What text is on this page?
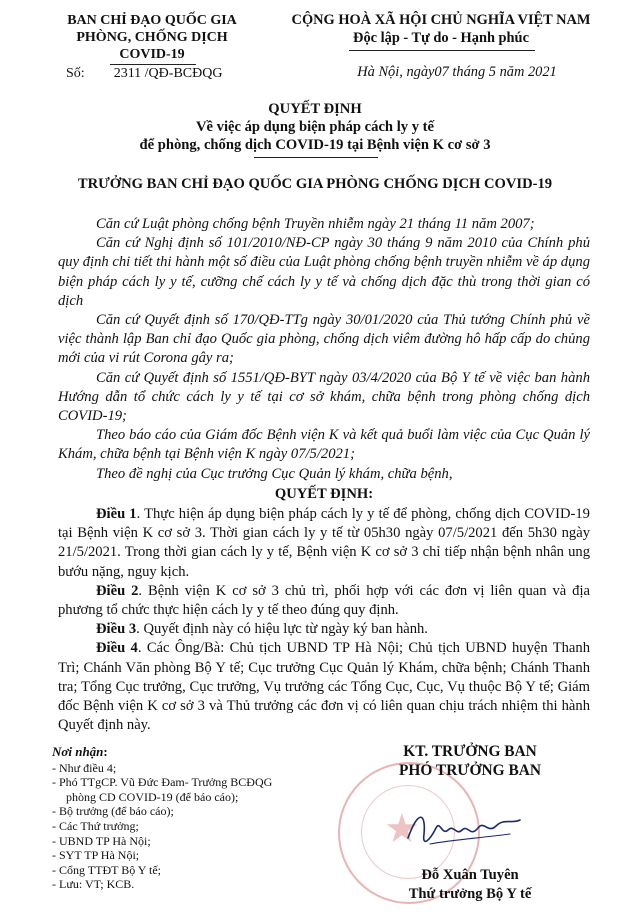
BAN CHỈ ĐẠO QUỐC GIA
PHÒNG, CHỐNG DỊCH
COVID-19
Số: 2311 /QĐ-BCĐQG
CỘNG HOÀ XÃ HỘI CHỦ NGHĨA VIỆT NAM
Độc lập - Tự do - Hạnh phúc
Hà Nội, ngày07 tháng 5 năm 2021
QUYẾT ĐỊNH
Về việc áp dụng biện pháp cách ly y tế
để phòng, chống dịch COVID-19 tại Bệnh viện K cơ sở 3
TRƯỞNG BAN CHỈ ĐẠO QUỐC GIA PHÒNG CHỐNG DỊCH COVID-19

Căn cứ Luật phòng chống bệnh Truyền nhiễm ngày 21 tháng 11 năm 2007;

Căn cứ Nghị định số 101/2010/NĐ-CP ngày 30 tháng 9 năm 2010 của Chính phủ quy định chi tiết thi hành một số điều của Luật phòng chống bệnh truyền nhiễm về áp dụng biện pháp cách ly y tế, cưỡng chế cách ly y tế và chống dịch đặc thù trong thời gian có dịch

Căn cứ Quyết định số 170/QĐ-TTg ngày 30/01/2020 của Thủ tướng Chính phủ về việc thành lập Ban chỉ đạo Quốc gia phòng, chống dịch viêm đường hô hấp cấp do chủng mới của vi rút Corona gây ra;

Căn cứ Quyết định số 1551/QĐ-BYT ngày 03/4/2020 của Bộ Y tế về việc ban hành Hướng dẫn tổ chức cách ly y tế tại cơ sở khám, chữa bệnh trong phòng chống dịch COVID-19;

Theo báo cáo của Giám đốc Bệnh viện K và kết quả buổi làm việc của Cục Quản lý Khám, chữa bệnh tại Bệnh viện K ngày 07/5/2021;

Theo đề nghị của Cục trưởng Cục Quản lý khám, chữa bệnh,

QUYẾT ĐỊNH:

Điều 1. Thực hiện áp dụng biện pháp cách ly y tế để phòng, chống dịch COVID-19 tại Bệnh viện K cơ sở 3. Thời gian cách ly y tế từ 05h30 ngày 07/5/2021 đến 5h30 ngày 21/5/2021. Trong thời gian cách ly y tế, Bệnh viện K cơ sở 3 chỉ tiếp nhận bệnh nhân ung bướu nặng, nguy kịch.

Điều 2. Bệnh viện K cơ sở 3 chủ trì, phối hợp với các đơn vị liên quan và địa phương tổ chức thực hiện cách ly y tế theo đúng quy định.

Điều 3. Quyết định này có hiệu lực từ ngày ký ban hành.

Điều 4. Các Ông/Bà: Chủ tịch UBND TP Hà Nội; Chủ tịch UBND huyện Thanh Trì; Chánh Văn phòng Bộ Y tế; Cục trưởng Cục Quản lý Khám, chữa bệnh; Chánh Thanh tra; Tổng Cục trưởng, Cục trưởng, Vụ trưởng các Tổng Cục, Cục, Vụ thuộc Bộ Y tế; Giám đốc Bệnh viện K cơ sở 3 và Thủ trưởng các đơn vị có liên quan chịu trách nhiệm thi hành Quyết định này.

Nơi nhận:
- Như điều 4;
- Phó TTgCP. Vũ Đức Đam- Trưởng BCĐQG
phòng CD COVID-19 (để báo cáo);
- Bộ trưởng (để báo cáo);
- Các Thứ trưởng;
- UBND TP Hà Nội;
- SYT TP Hà Nội;
- Cổng TTĐT Bộ Y tế;
- Lưu: VT; KCB.
★
KT. TRƯỞNG BAN
PHÓ TRƯỞNG BAN
Đỗ Xuân Tuyên
Thứ trưởng Bộ Y tế
